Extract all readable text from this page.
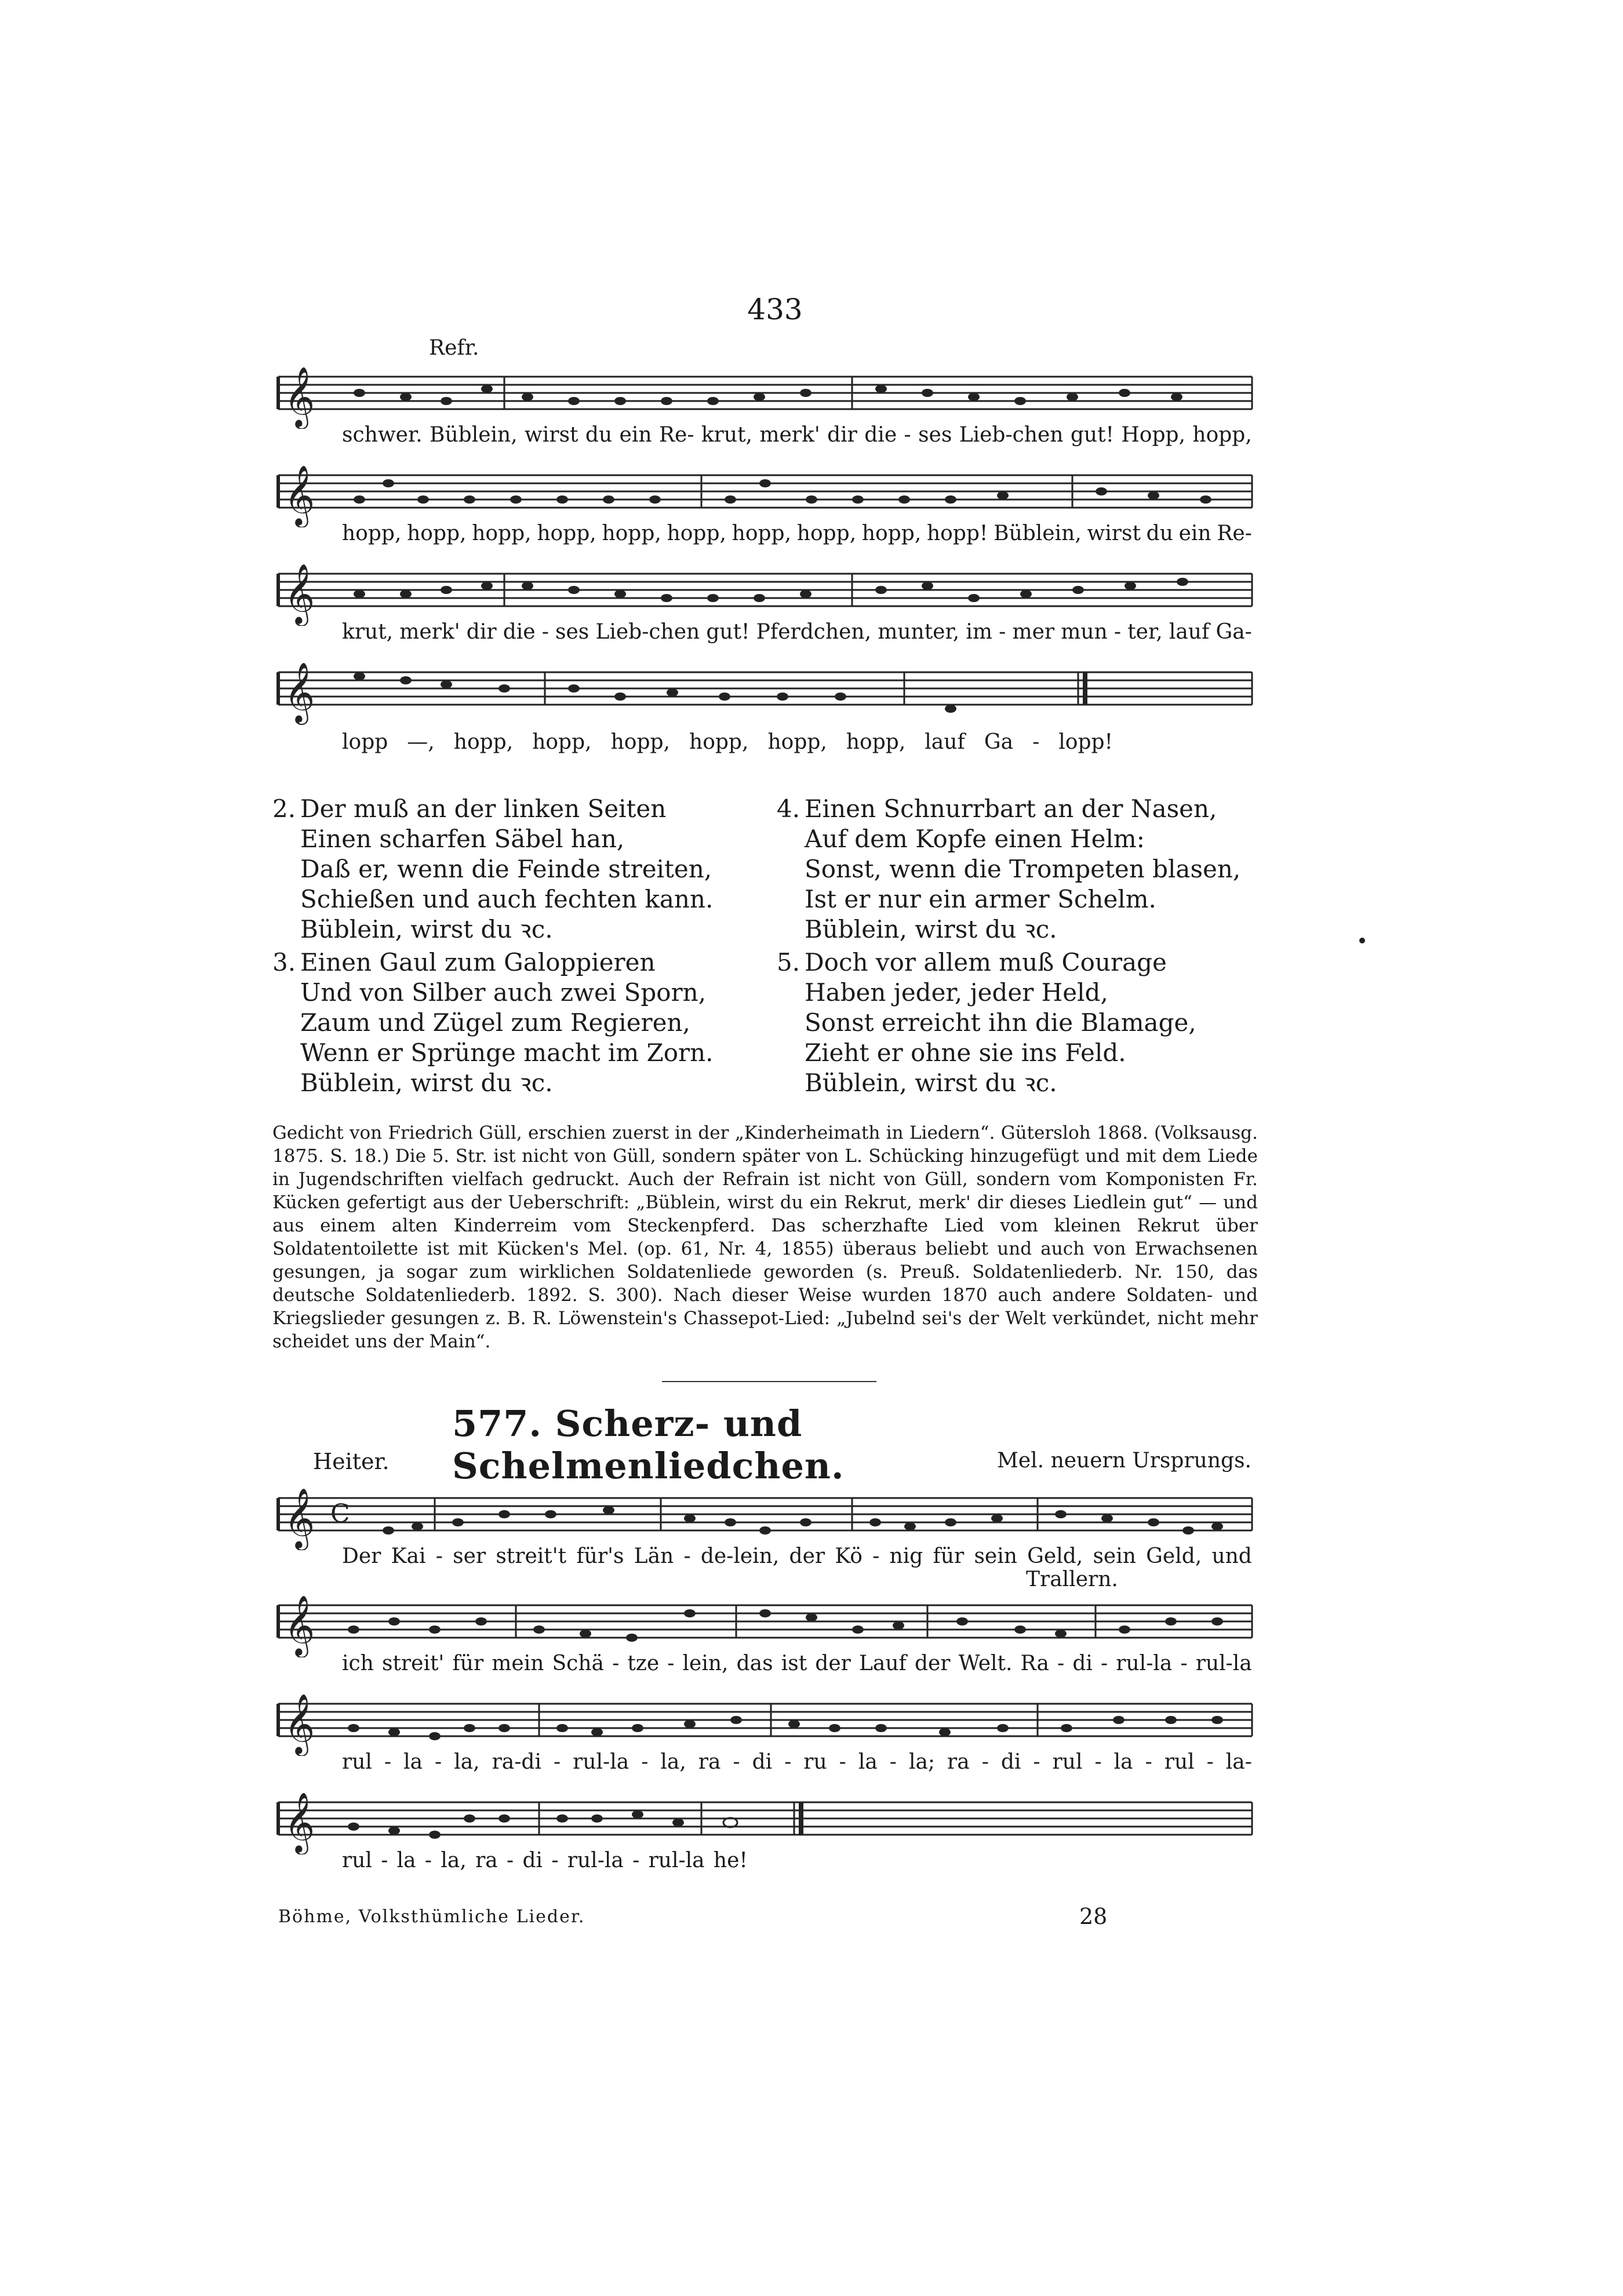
433
Refr.
𝄞
schwer. Büblein, wirst du ein Re- krut, merk' dir die - ses Lieb-chen gut! Hopp, hopp,
𝄞
hopp, hopp, hopp, hopp, hopp, hopp, hopp, hopp, hopp, hopp! Büblein, wirst du ein Re-
𝄞
krut, merk' dir die - ses Lieb-chen gut! Pferdchen, munter, im - mer mun - ter, lauf Ga-
𝄞
lopp —, hopp, hopp, hopp, hopp, hopp, hopp, lauf Ga - lopp!
2. Der muß an der linken Seiten
Einen scharfen Säbel han,
Daß er, wenn die Feinde streiten,
Schießen und auch fechten kann.
Büblein, wirst du ꝛc.
3. Einen Gaul zum Galoppieren
Und von Silber auch zwei Sporn,
Zaum und Zügel zum Regieren,
Wenn er Sprünge macht im Zorn.
Büblein, wirst du ꝛc.
4. Einen Schnurrbart an der Nasen,
Auf dem Kopfe einen Helm:
Sonst, wenn die Trompeten blasen,
Ist er nur ein armer Schelm.
Büblein, wirst du ꝛc.
5. Doch vor allem muß Courage
Haben jeder, jeder Held,
Sonst erreicht ihn die Blamage,
Zieht er ohne sie ins Feld.
Büblein, wirst du ꝛc.
Gedicht von Friedrich Güll, erschien zuerst in der „Kinderheimath in Liedern“. Gütersloh 1868. (Volksausg. 1875. S. 18.) Die 5. Str. ist nicht von Güll, sondern später von L. Schücking hinzugefügt und mit dem Liede in Jugendschriften vielfach gedruckt. Auch der Refrain ist nicht von Güll, sondern vom Komponisten Fr. Kücken gefertigt aus der Ueberschrift: „Büblein, wirst du ein Rekrut, merk' dir dieses Liedlein gut“ — und aus einem alten Kinderreim vom Steckenpferd. Das scherzhafte Lied vom kleinen Rekrut über Soldatentoilette ist mit Kücken's Mel. (op. 61, Nr. 4, 1855) überaus beliebt und auch von Erwachsenen gesungen, ja sogar zum wirklichen Soldatenliede geworden (s. Preuß. Soldatenliederb. Nr. 150, das deutsche Soldatenliederb. 1892. S. 300). Nach dieser Weise wurden 1870 auch andere Soldaten- und Kriegslieder gesungen z. B. R. Löwenstein's Chassepot-Lied: „Jubelnd sei's der Welt verkündet, nicht mehr scheidet uns der Main“.
577. Scherz- und Schelmenliedchen.
Heiter.	Mel. neuern Ursprungs.
𝄞 C
Der Kai - ser streit't für's Län - de-lein, der Kö - nig für sein Geld, sein Geld, und
Trallern.
𝄞
ich streit' für mein Schä - tze - lein, das ist der Lauf der Welt. Ra - di - rul-la - rul-la
𝄞
rul - la - la, ra-di - rul-la - la, ra - di - ru - la - la; ra - di - rul - la - rul - la-
𝄞
rul - la - la, ra - di - rul-la - rul-la he!
Böhme, Volksthümliche Lieder.	28
